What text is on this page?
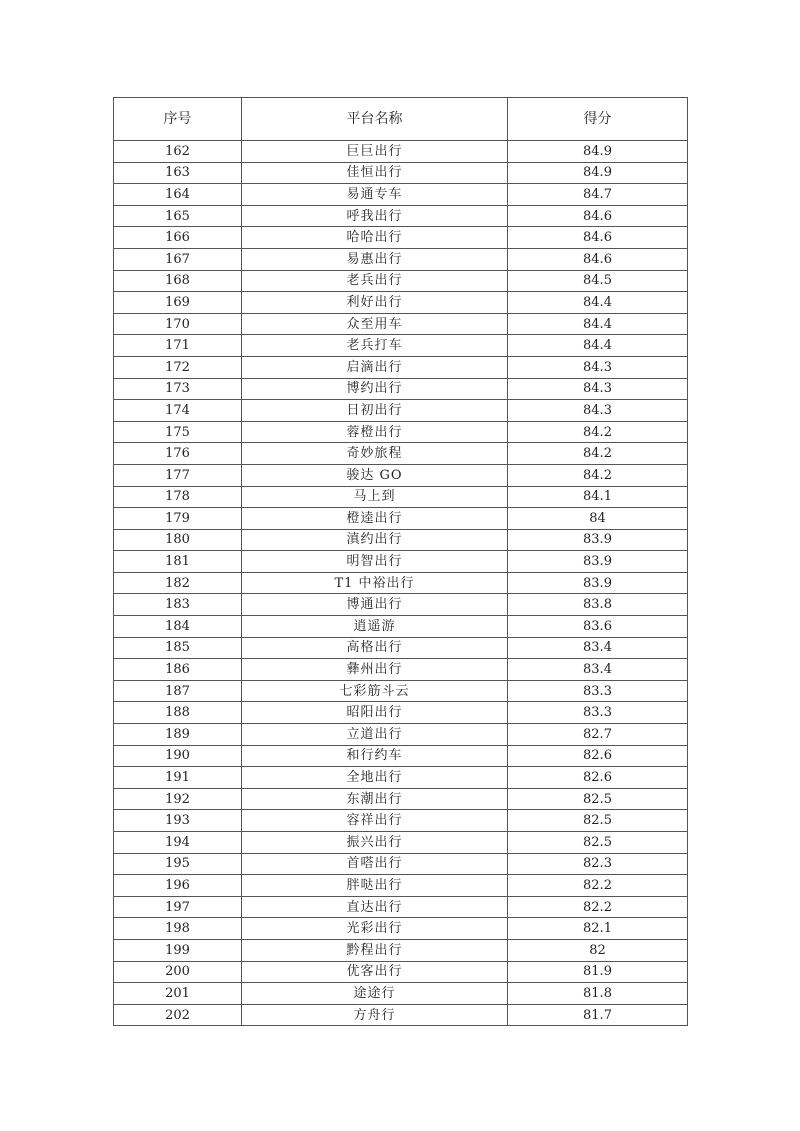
序号	平台名称	得分
162	巨巨出行	84.9
163	佳恒出行	84.9
164	易通专车	84.7
165	呼我出行	84.6
166	哈哈出行	84.6
167	易惠出行	84.6
168	老兵出行	84.5
169	利好出行	84.4
170	众至用车	84.4
171	老兵打车	84.4
172	启滴出行	84.3
173	博约出行	84.3
174	日初出行	84.3
175	蓉橙出行	84.2
176	奇妙旅程	84.2
177	骏达 GO	84.2
178	马上到	84.1
179	橙逵出行	84
180	滇约出行	83.9
181	明智出行	83.9
182	T1 中裕出行	83.9
183	博通出行	83.8
184	逍遥游	83.6
185	高格出行	83.4
186	彝州出行	83.4
187	七彩筋斗云	83.3
188	昭阳出行	83.3
189	立道出行	82.7
190	和行约车	82.6
191	全地出行	82.6
192	东潮出行	82.5
193	容祥出行	82.5
194	振兴出行	82.5
195	首嗒出行	82.3
196	胖哒出行	82.2
197	直达出行	82.2
198	光彩出行	82.1
199	黔程出行	82
200	优客出行	81.9
201	途途行	81.8
202	方舟行	81.7
